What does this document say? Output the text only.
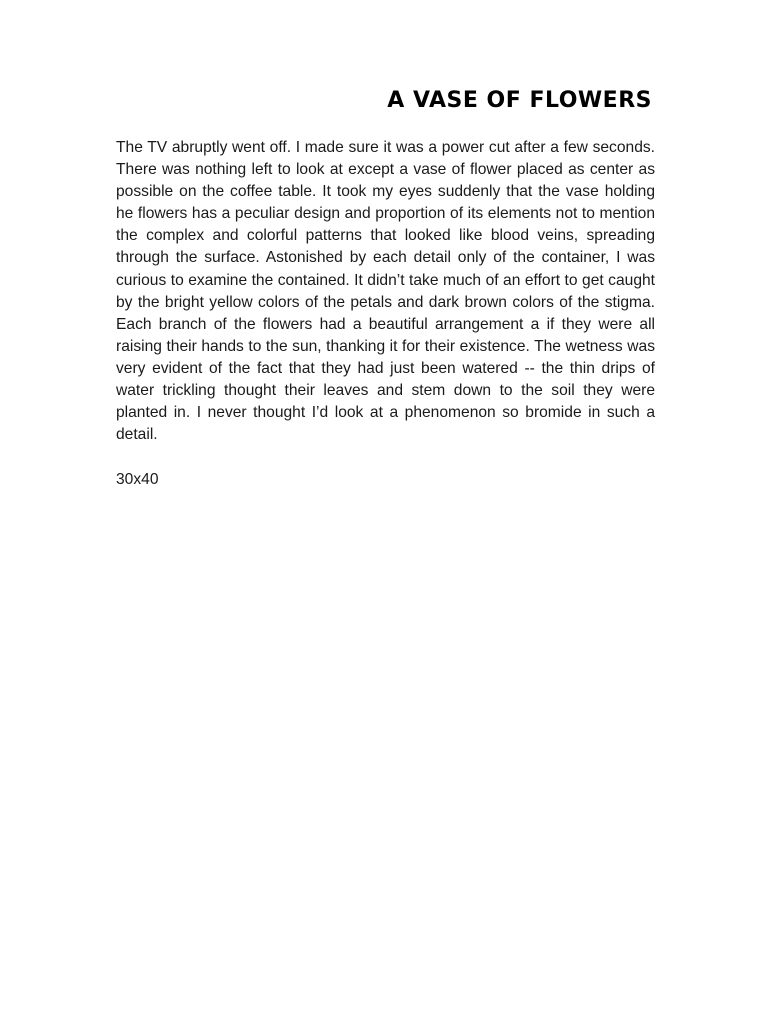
A VASE OF FLOWERS

The TV abruptly went off. I made sure it was a power cut after a few seconds. There was nothing left to look at except a vase of flower placed as center as possible on the coffee table. It took my eyes suddenly that the vase holding he flowers has a peculiar design and proportion of its elements not to mention the complex and colorful patterns that looked like blood veins, spreading through the surface. Astonished by each detail only of the container, I was curious to examine the contained. It didn’t take much of an effort to get caught by the bright yellow colors of the petals and dark brown colors of the stigma. Each branch of the flowers had a beautiful arrangement a if they were all raising their hands to the sun, thanking it for their existence. The wetness was very evident of the fact that they had just been watered -- the thin drips of water trickling thought their leaves and stem down to the soil they were planted in. I never thought I’d look at a phenomenon so bromide in such a detail.

30x40
